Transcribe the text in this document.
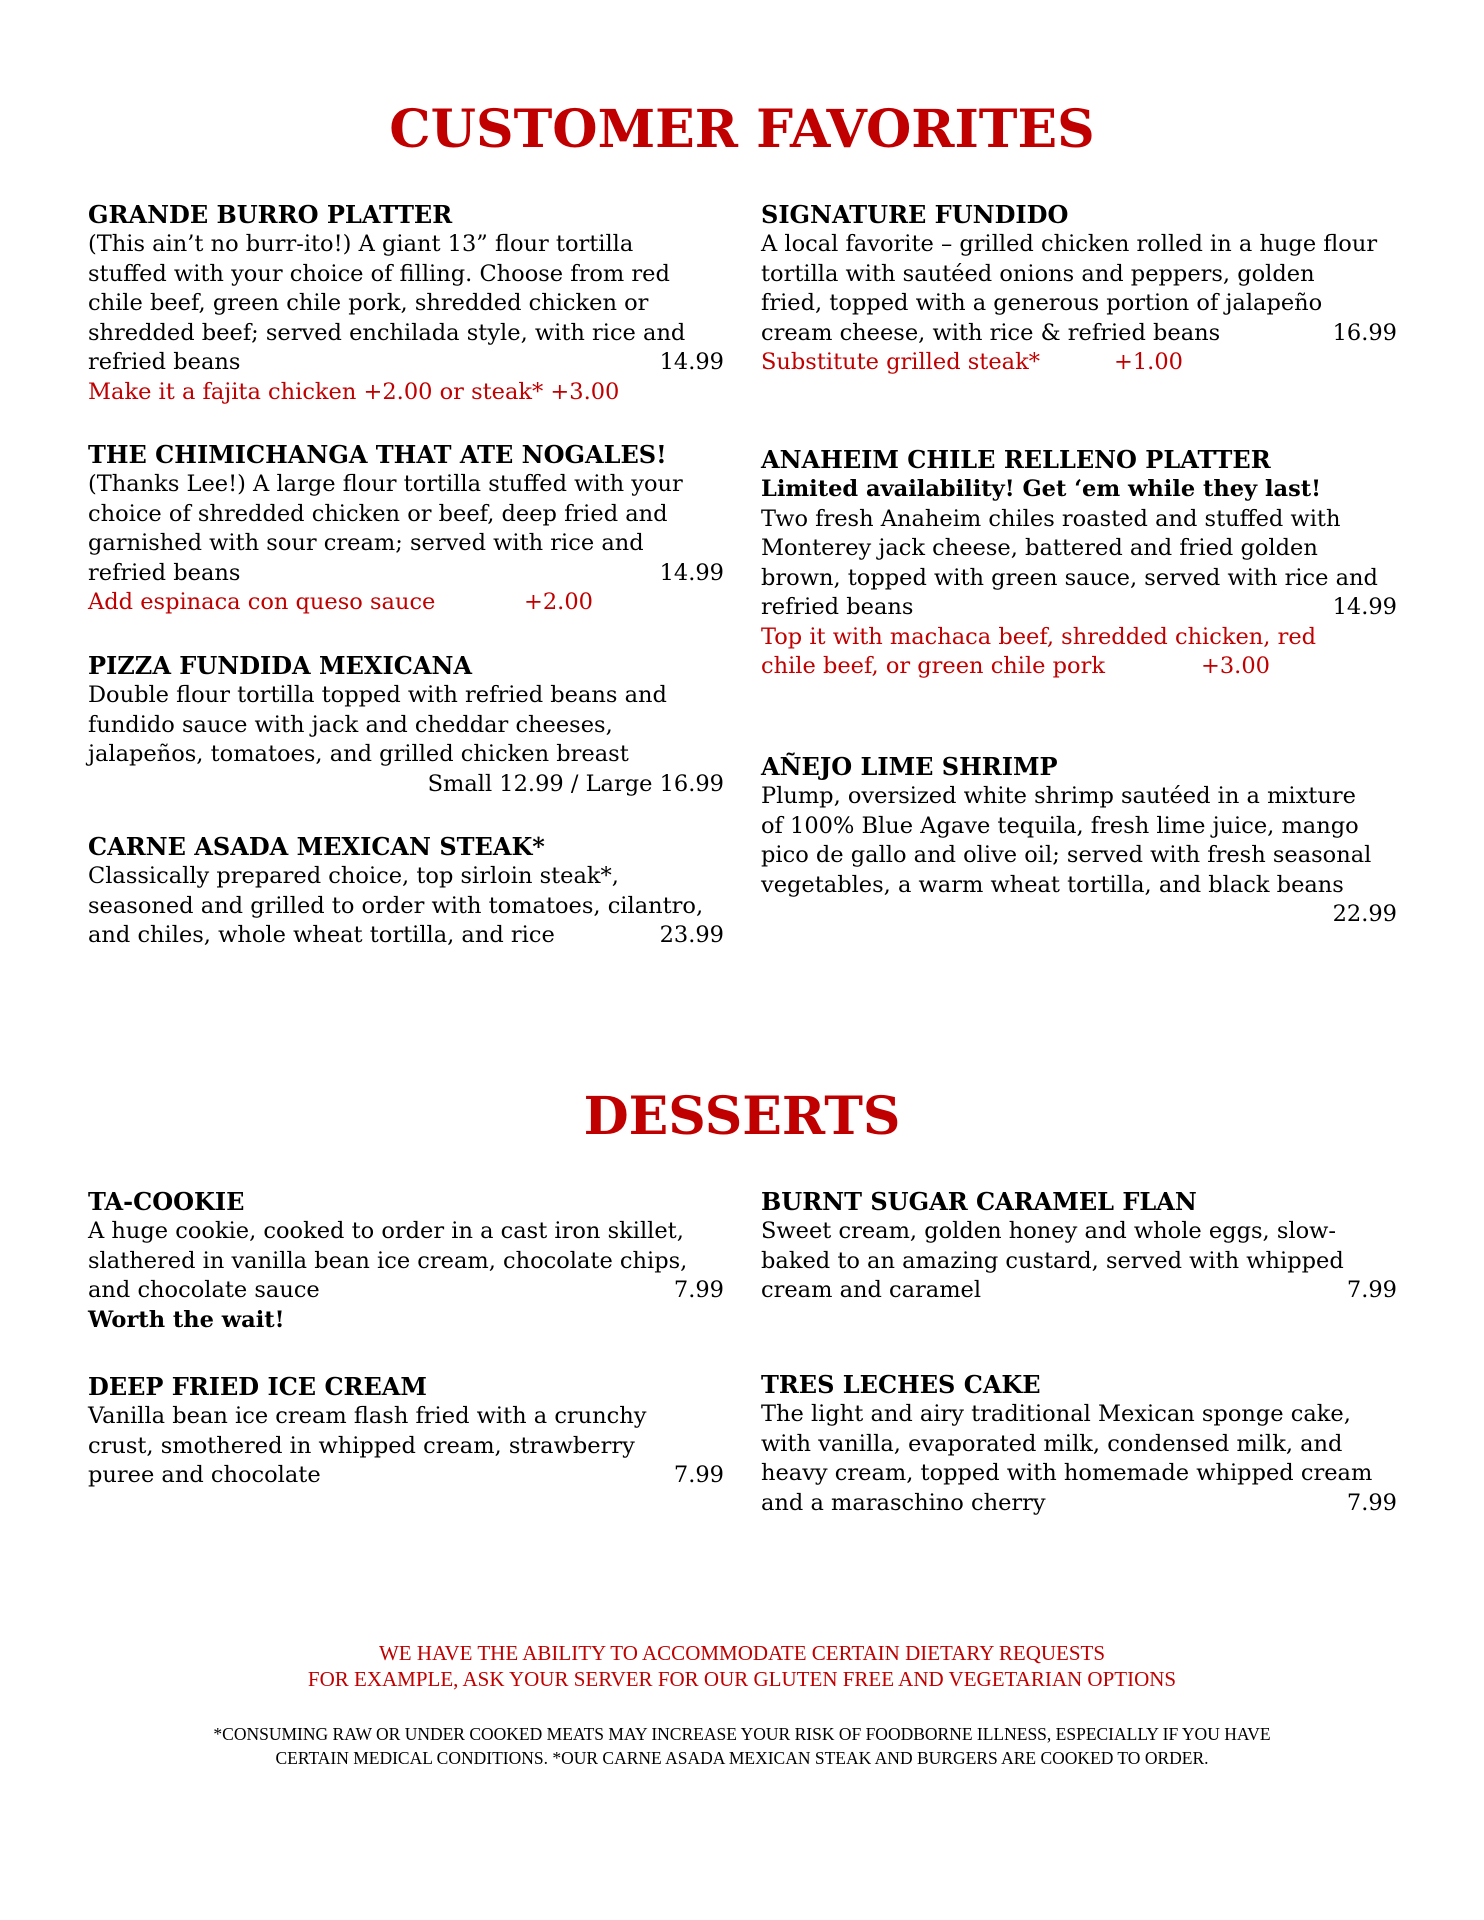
CUSTOMER FAVORITES
GRANDE BURRO PLATTER
(This ain’t no burr-ito!) A giant 13” flour tortilla
stuffed with your choice of filling. Choose from red
chile beef, green chile pork, shredded chicken or
shredded beef; served enchilada style, with rice and
refried beans	14.99
Make it a fajita chicken +2.00 or steak* +3.00
THE CHIMICHANGA THAT ATE NOGALES!
(Thanks Lee!) A large flour tortilla stuffed with your
choice of shredded chicken or beef, deep fried and
garnished with sour cream; served with rice and
refried beans	14.99
Add espinaca con queso sauce	+2.00
PIZZA FUNDIDA MEXICANA
Double flour tortilla topped with refried beans and
fundido sauce with jack and cheddar cheeses,
jalapeños, tomatoes, and grilled chicken breast
Small 12.99 / Large 16.99
CARNE ASADA MEXICAN STEAK*
Classically prepared choice, top sirloin steak*,
seasoned and grilled to order with tomatoes, cilantro,
and chiles, whole wheat tortilla, and rice	23.99
SIGNATURE FUNDIDO
A local favorite – grilled chicken rolled in a huge flour
tortilla with sautéed onions and peppers, golden
fried, topped with a generous portion of jalapeño
cream cheese, with rice & refried beans	16.99
Substitute grilled steak*	+1.00
ANAHEIM CHILE RELLENO PLATTER
Limited availability! Get ‘em while they last!
Two fresh Anaheim chiles roasted and stuffed with
Monterey jack cheese, battered and fried golden
brown, topped with green sauce, served with rice and
refried beans	14.99
Top it with machaca beef, shredded chicken, red
chile beef, or green chile pork	+3.00
AÑEJO LIME SHRIMP
Plump, oversized white shrimp sautéed in a mixture
of 100% Blue Agave tequila, fresh lime juice, mango
pico de gallo and olive oil; served with fresh seasonal
vegetables, a warm wheat tortilla, and black beans
22.99
DESSERTS
TA-COOKIE
A huge cookie, cooked to order in a cast iron skillet,
slathered in vanilla bean ice cream, chocolate chips,
and chocolate sauce	7.99
Worth the wait!
DEEP FRIED ICE CREAM
Vanilla bean ice cream flash fried with a crunchy
crust, smothered in whipped cream, strawberry
puree and chocolate	7.99
BURNT SUGAR CARAMEL FLAN
Sweet cream, golden honey and whole eggs, slow-
baked to an amazing custard, served with whipped
cream and caramel	7.99
TRES LECHES CAKE
The light and airy traditional Mexican sponge cake,
with vanilla, evaporated milk, condensed milk, and
heavy cream, topped with homemade whipped cream
and a maraschino cherry	7.99
WE HAVE THE ABILITY TO ACCOMMODATE CERTAIN DIETARY REQUESTS
FOR EXAMPLE, ASK YOUR SERVER FOR OUR GLUTEN FREE AND VEGETARIAN OPTIONS
*CONSUMING RAW OR UNDER COOKED MEATS MAY INCREASE YOUR RISK OF FOODBORNE ILLNESS, ESPECIALLY IF YOU HAVE
CERTAIN MEDICAL CONDITIONS. *OUR CARNE ASADA MEXICAN STEAK AND BURGERS ARE COOKED TO ORDER.
